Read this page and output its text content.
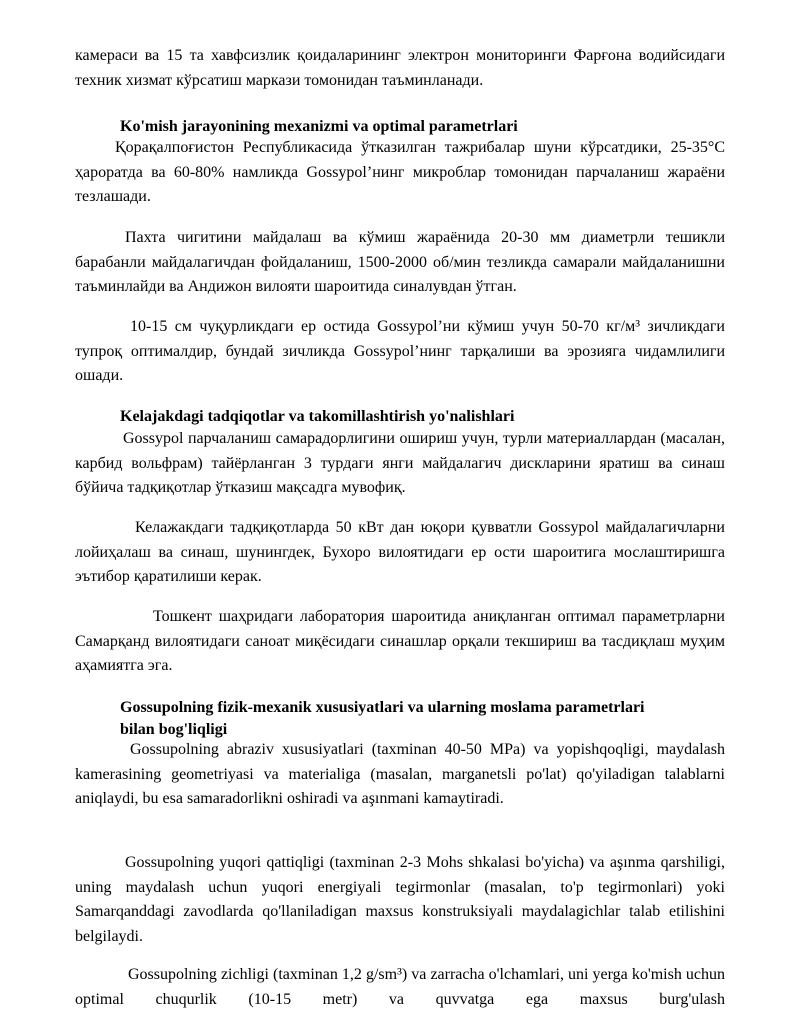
камераси ва 15 та хавфсизлик қоидаларининг электрон мониторинги Фарғона водийсидаги техник хизмат кўрсатиш маркази томонидан таъминланади.

Ko'mish jarayonining mexanizmi va optimal parametrlari

Қорақалпоғистон Республикасида ўтказилган тажрибалар шуни кўрсатдики, 25-35°C ҳароратда ва 60-80% намликда Gossypol’нинг микроблар томонидан парчаланиш жараёни тезлашади.

Пахта чигитини майдалаш ва кўмиш жараёнида 20-30 мм диаметрли тешикли барабанли майдалагичдан фойдаланиш, 1500-2000 об/мин тезликда самарали майдаланишни таъминлайди ва Андижон вилояти шароитида синалувдан ўтган.

10-15 см чуқурликдаги ер остида Gossypol’ни кўмиш учун 50-70 кг/м³ зичликдаги тупроқ оптималдир, бундай зичликда Gossypol’нинг тарқалиши ва эрозияга чидамлилиги ошади.

Kelajakdagi tadqiqotlar va takomillashtirish yo'nalishlari

Gossypol парчаланиш самарадорлигини ошириш учун, турли материаллардан (масалан, карбид вольфрам) тайёрланган 3 турдаги янги майдалагич дискларини яратиш ва синаш бўйича тадқиқотлар ўтказиш мақсадга мувофиқ.

Келажакдаги тадқиқотларда 50 кВт дан юқори қувватли Gossypol майдалагичларни лойиҳалаш ва синаш, шунингдек, Бухоро вилоятидаги ер ости шароитига мослаштиришга эътибор қаратилиши керак.

Тошкент шаҳридаги лаборатория шароитида аниқланган оптимал параметрларни Самарқанд вилоятидаги саноат миқёсидаги синашлар орқали текшириш ва тасдиқлаш муҳим аҳамиятга эга.

Gossupolning fizik-mexanik xususiyatlari va ularning moslama parametrlari
bilan bog'liqligi

Gossupolning abraziv xususiyatlari (taxminan 40-50 MPa) va yopishqoqligi, maydalash kamerasining geometriyasi va materialiga (masalan, marganetsli po'lat) qo'yiladigan talablarni aniqlaydi, bu esa samaradorlikni oshiradi va aşınmani kamaytiradi.

Gossupolning yuqori qattiqligi (taxminan 2-3 Mohs shkalasi bo'yicha) va aşınma qarshiligi, uning maydalash uchun yuqori energiyali tegirmonlar (masalan, to'p tegirmonlari) yoki Samarqanddagi zavodlarda qo'llaniladigan maxsus konstruksiyali maydalagichlar talab etilishini belgilaydi.

Gossupolning zichligi (taxminan 1,2 g/sm³) va zarracha o'lchamlari, uni yerga ko'mish uchun optimal chuqurlik (10-15 metr) va quvvatga ega maxsus burg'ulash
